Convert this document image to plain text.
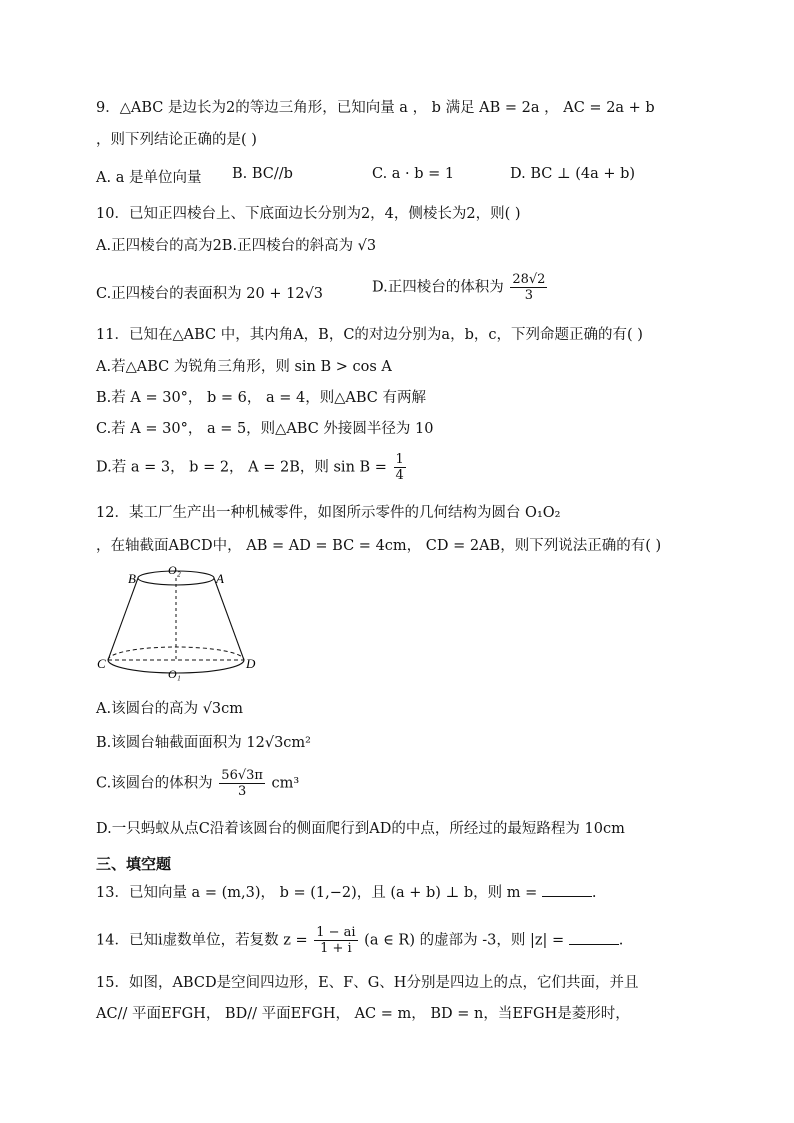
9．△ABC 是边长为2的等边三角形，已知向量 a ， b 满足 AB = 2a ， AC = 2a + b
，则下列结论正确的是( )
A. a 是单位向量 B. BC//b	C. a · b = 1	D. BC ⊥ (4a + b)
10．已知正四棱台上、下底面边长分别为2，4，侧棱长为2，则( )
A.正四棱台的高为2B.正四棱台的斜高为 √3
C.正四棱台的表面积为 20 + 12√3	D.正四棱台的体积为 $\frac{28√2}{3}$
11．已知在△ABC 中，其内角A，B，C的对边分别为a，b，c，下列命题正确的有( )
A.若△ABC 为锐角三角形，则 sin B > cos A
B.若 A = 30°， b = 6， a = 4，则△ABC 有两解
C.若 A = 30°， a = 5，则△ABC 外接圆半径为 10
D.若 a = 3， b = 2， A = 2B，则 $\sin B = \frac{1}{4}$
12．某工厂生产出一种机械零件，如图所示零件的几何结构为圆台 O₁O₂
，在轴截面ABCD中， AB = AD = BC = 4cm， CD = 2AB，则下列说法正确的有( )
B
O₂
A
C
O₁
D
A.该圆台的高为 √3cm
B.该圆台轴截面面积为 12√3cm²
C.该圆台的体积为 $\frac{56√3\pi}{3} cm^3$
D.一只蚂蚁从点C沿着该圆台的侧面爬行到AD的中点，所经过的最短路程为 10cm
三、填空题
13．已知向量 a = (m,3)， b = (1,−2)，且 (a + b) ⊥ b，则 m =	.
14．已知i虚数单位，若复数 $z = \frac{1 - ai}{1 + i} (a$ ∈ R) 的虚部为 -3，则 |z| =	.
15．如图，ABCD是空间四边形，E、F、G、H分别是四边上的点，它们共面，并且
AC// 平面EFGH， BD// 平面EFGH， AC = m， BD = n，当EFGH是菱形时，
